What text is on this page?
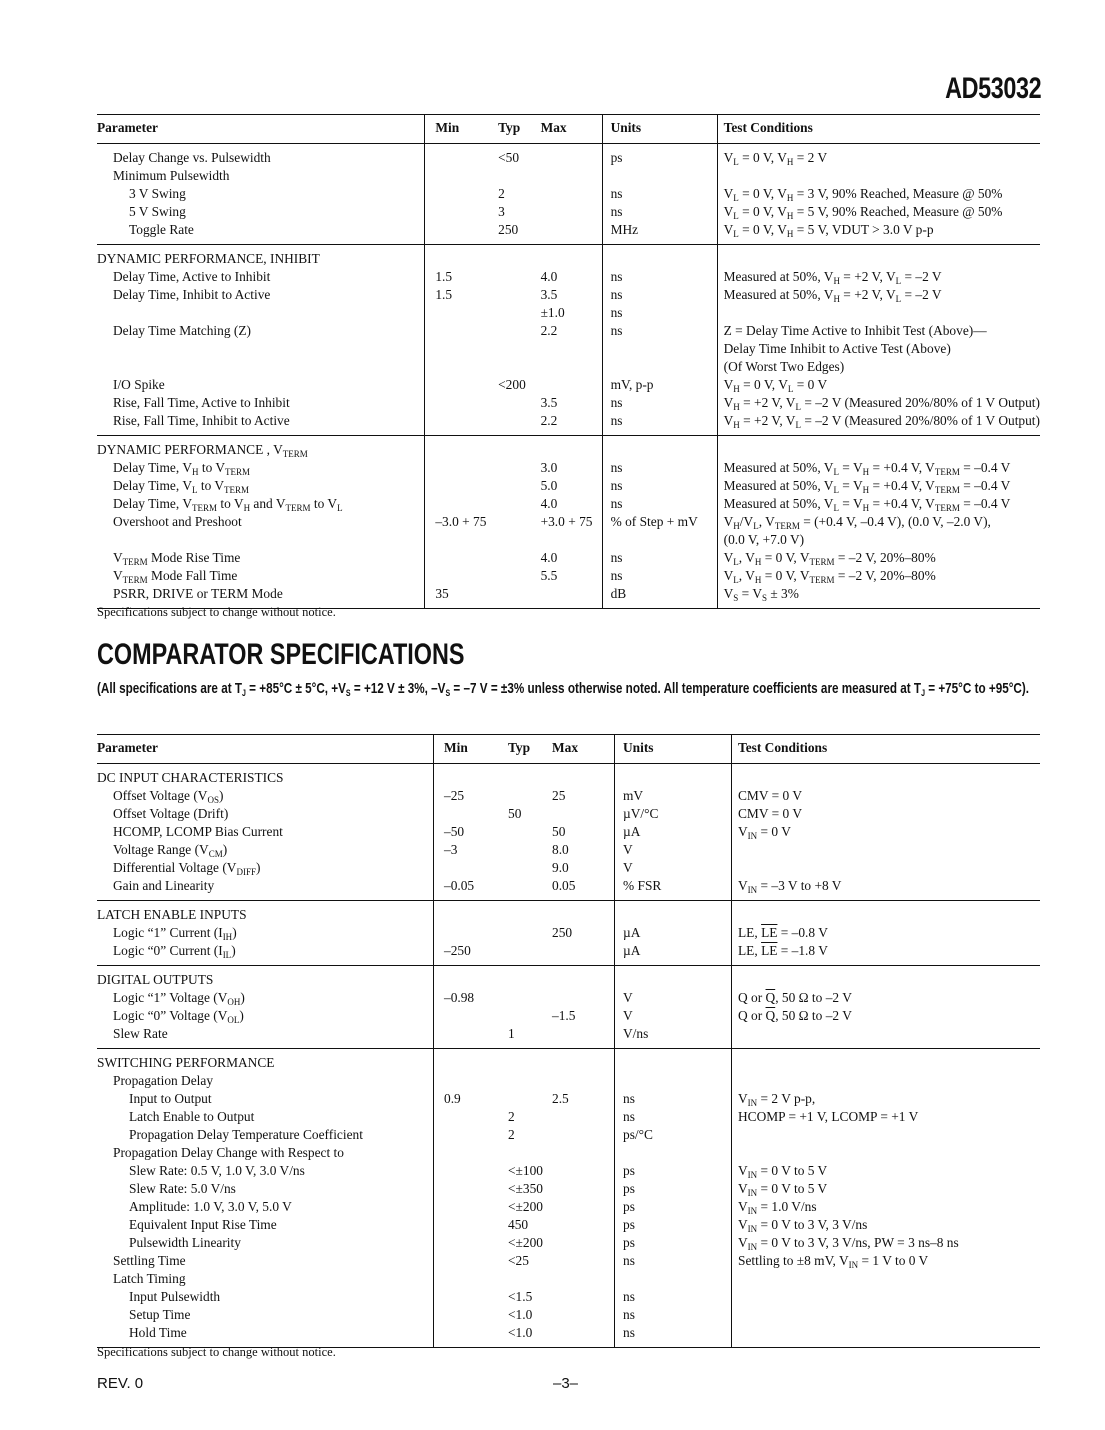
AD53032
Parameter	Min	Typ	Max	Units	Test Conditions
Delay Change vs. Pulsewidth		<50		ps	$V_L = 0$ V, $V_H = 2$ V
Minimum Pulsewidth					
3 V Swing		2		ns	$V_L = 0$ V, $V_H = 3$ V, 90% Reached, Measure @ 50%
5 V Swing		3		ns	$V_L = 0$ V, $V_H = 5$ V, 90% Reached, Measure @ 50%
Toggle Rate		250		MHz	$V_L = 0$ V, $V_H = 5$ V, VDUT > 3.0 V p-p
DYNAMIC PERFORMANCE, INHIBIT					
Delay Time, Active to Inhibit	1.5		4.0	ns	Measured at 50%, $V_H = +2$ V, $V_L = -2$ V
Delay Time, Inhibit to Active	1.5		3.5	ns	Measured at 50%, $V_H = +2$ V, $V_L = -2$ V
			±1.0	ns	
Delay Time Matching (Z)			2.2	ns	Z = Delay Time Active to Inhibit Test (Above)—
					Delay Time Inhibit to Active Test (Above)
					(Of Worst Two Edges)
I/O Spike		<200		mV, p-p	$V_H = 0$ V, $V_L = 0$ V
Rise, Fall Time, Active to Inhibit			3.5	ns	$V_H = +2$ V, $V_L = -2$ V (Measured 20%/80% of 1 V Output)
Rise, Fall Time, Inhibit to Active			2.2	ns	$V_H = +2$ V, $V_L = -2$ V (Measured 20%/80% of 1 V Output)
DYNAMIC PERFORMANCE , $V_{TERM}$					
Delay Time, $V_H$ to $V_{TERM}$			3.0	ns	Measured at 50%, $V_L = V_H = +0.4$ V, $V_{TERM} = -0.4$ V
Delay Time, $V_L$ to $V_{TERM}$			5.0	ns	Measured at 50%, $V_L = V_H = +0.4$ V, $V_{TERM} = -0.4$ V
Delay Time, $V_{TERM}$ to $V_H$ and $V_{TERM}$ to $V_L$			4.0	ns	Measured at 50%, $V_L = V_H = +0.4$ V, $V_{TERM} = -0.4$ V
Overshoot and Preshoot	–3.0 + 75		+3.0 + 75	% of Step + mV	$V_H/V_L$, $V_{TERM} = (+0.4$ V, –0.4 V), (0.0 V, –2.0 V),
					(0.0 V, +7.0 V)
$V_{TERM}$ Mode Rise Time			4.0	ns	$V_L$, $V_H = 0$ V, $V_{TERM} = -2$ V, 20%–80%
$V_{TERM}$ Mode Fall Time			5.5	ns	$V_L$, $V_H = 0$ V, $V_{TERM} = -2$ V, 20%–80%
PSRR, DRIVE or TERM Mode	35			dB	$V_S = V_S \pm 3\%$
Specifications subject to change without notice.
COMPARATOR SPECIFICATIONS
(All specifications are at $T_J = +85^\circ C \pm 5^\circ C$, $+V_S = +12$ V ± 3%, $-V_S = -7$ V = ±3% unless otherwise noted. All temperature coefficients are measured at $T_J = +75^\circ C$ to +95°C).
Parameter	Min	Typ	Max	Units	Test Conditions
DC INPUT CHARACTERISTICS					
Offset Voltage $(V_{OS})$	–25		25	mV	CMV = 0 V
Offset Voltage (Drift)		50		µV/°C	CMV = 0 V
HCOMP, LCOMP Bias Current	–50		50	µA	$V_{IN} = 0$ V
Voltage Range $(V_{CM})$	–3		8.0	V	
Differential Voltage $(V_{DIFF})$			9.0	V	
Gain and Linearity	–0.05		0.05	% FSR	$V_{IN} = -3$ V to +8 V
LATCH ENABLE INPUTS					
Logic “1” Current $(I_{IH})$			250	µA	LE, $\overline{LE} = -0.8$ V
Logic “0” Current $(I_{IL})$	–250			µA	LE, $\overline{LE} = -1.8$ V
DIGITAL OUTPUTS					
Logic “1” Voltage $(V_{OH})$	–0.98			V	Q or $\overline{Q}$, 50 Ω to –2 V
Logic “0” Voltage $(V_{OL})$			–1.5	V	Q or $\overline{Q}$, 50 Ω to –2 V
Slew Rate		1		V/ns	
SWITCHING PERFORMANCE					
Propagation Delay					
Input to Output	0.9		2.5	ns	$V_{IN} = 2$ V p-p,
Latch Enable to Output		2		ns	HCOMP = +1 V, LCOMP = +1 V
Propagation Delay Temperature Coefficient		2		ps/°C	
Propagation Delay Change with Respect to					
Slew Rate: 0.5 V, 1.0 V, 3.0 V/ns		<±100		ps	$V_{IN} = 0$ V to 5 V
Slew Rate: 5.0 V/ns		<±350		ps	$V_{IN} = 0$ V to 5 V
Amplitude: 1.0 V, 3.0 V, 5.0 V		<±200		ps	$V_{IN} = 1.0$ V/ns
Equivalent Input Rise Time		450		ps	$V_{IN} = 0$ V to 3 V, 3 V/ns
Pulsewidth Linearity		<±200		ps	$V_{IN} = 0$ V to 3 V, 3 V/ns, PW = 3 ns–8 ns
Settling Time		<25		ns	Settling to ±8 mV, $V_{IN} = 1$ V to 0 V
Latch Timing					
Input Pulsewidth		<1.5		ns	
Setup Time		<1.0		ns	
Hold Time		<1.0		ns	
Specifications subject to change without notice.
REV. 0	–3–
